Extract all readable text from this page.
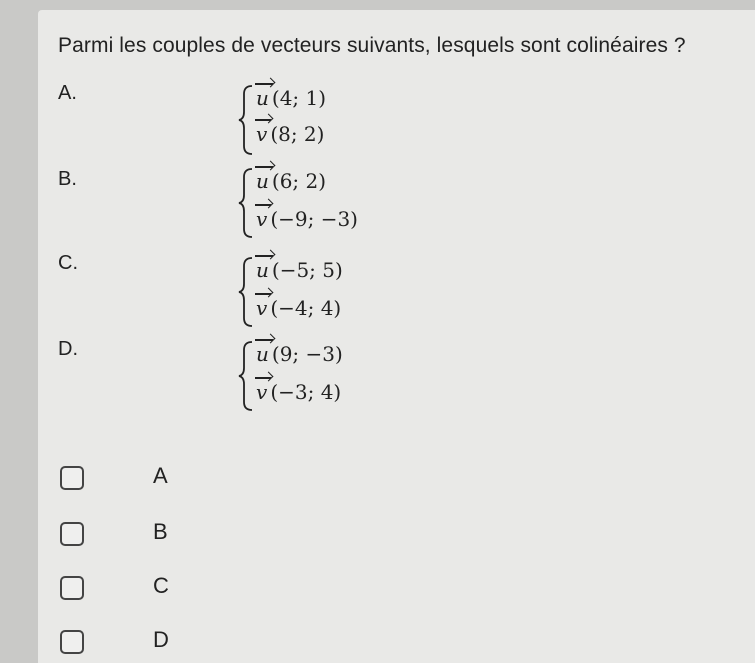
Parmi les couples de vecteurs suivants, lesquels sont colinéaires ?
A.	u (4; 1)
v (8; 2)
B.	u (6; 2)
v (−9; −3)
C.	u (−5; 5)
v (−4; 4)
D.	u (9; −3)
v (−3; 4)
A
B
C
D
